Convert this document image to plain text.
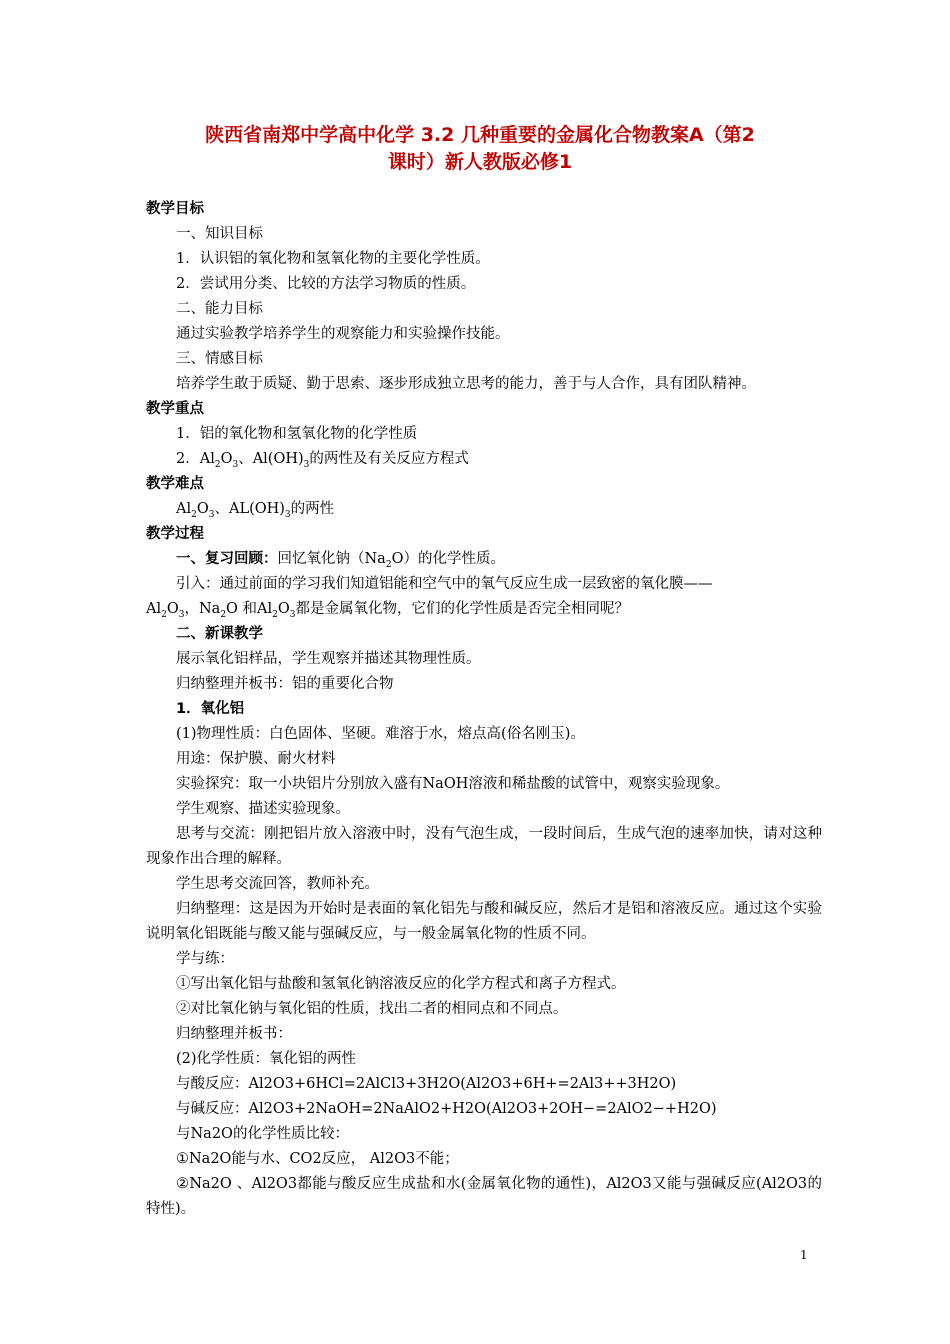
陕西省南郑中学高中化学 3.2 几种重要的金属化合物教案A（第2
课时）新人教版必修1
教学目标
一、知识目标
1．认识铝的氧化物和氢氧化物的主要化学性质。
2．尝试用分类、比较的方法学习物质的性质。
二、能力目标
通过实验教学培养学生的观察能力和实验操作技能。
三、情感目标
培养学生敢于质疑、勤于思索、逐步形成独立思考的能力，善于与人合作，具有团队精神。
教学重点
1．铝的氧化物和氢氧化物的化学性质
2．$Al_2O_3$、$Al(OH)_3$的两性及有关反应方程式
教学难点
$Al_2O_3$、$AL(OH)_3$的两性
教学过程
一、复习回顾：回忆氧化钠$(Na_2O)$的化学性质。
引入：通过前面的学习我们知道铝能和空气中的氧气反应生成一层致密的氧化膜——
$Al_2O_3$，$Na_2O$ 和$Al_2O_3$都是金属氧化物，它们的化学性质是否完全相同呢？
二、新课教学
展示氧化铝样品，学生观察并描述其物理性质。
归纳整理并板书：铝的重要化合物
1．氧化铝
(1)物理性质：白色固体、坚硬。难溶于水，熔点高(俗名刚玉)。
用途：保护膜、耐火材料
实验探究：取一小块铝片分别放入盛有NaOH溶液和稀盐酸的试管中，观察实验现象。
学生观察、描述实验现象。
思考与交流：刚把铝片放入溶液中时，没有气泡生成，一段时间后，生成气泡的速率加快，请对这种现象作出合理的解释。
学生思考交流回答，教师补充。
归纳整理：这是因为开始时是表面的氧化铝先与酸和碱反应，然后才是铝和溶液反应。通过这个实验说明氧化铝既能与酸又能与强碱反应，与一般金属氧化物的性质不同。
学与练：
①写出氧化铝与盐酸和氢氧化钠溶液反应的化学方程式和离子方程式。
②对比氧化钠与氧化铝的性质，找出二者的相同点和不同点。
归纳整理并板书：
(2)化学性质：氧化铝的两性
与酸反应：Al2O3+6HCl=2AlCl3+3H2O(Al2O3+6H+=2Al3++3H2O)
与碱反应：Al2O3+2NaOH=2NaAlO2+H2O(Al2O3+2OH−=2AlO2−+H2O)
与Na2O的化学性质比较：
①Na2O能与水、CO2反应， Al2O3不能；
②Na2O 、Al2O3都能与酸反应生成盐和水(金属氧化物的通性)，Al2O3又能与强碱反应(Al2O3的特性)。
1
